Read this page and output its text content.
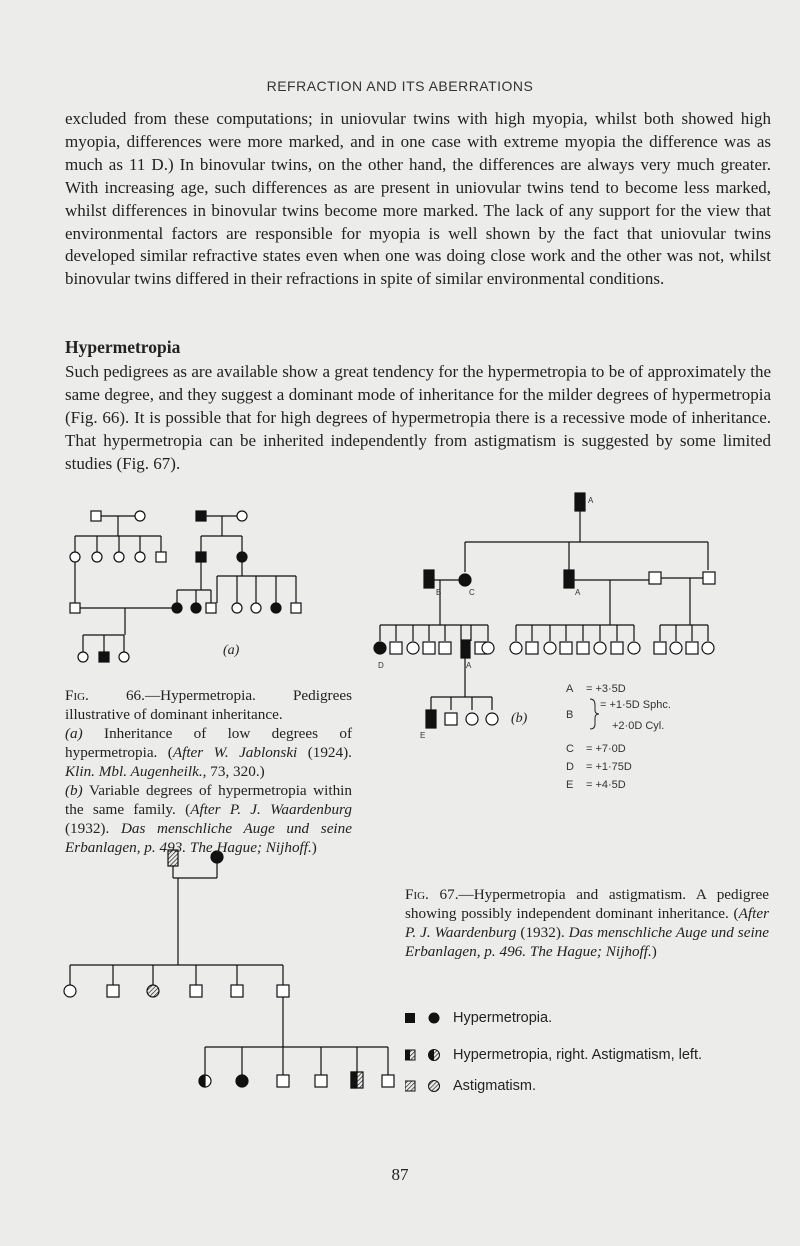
REFRACTION AND ITS ABERRATIONS
excluded from these computations; in uniovular twins with high myopia, whilst both showed high myopia, differences were more marked, and in one case with extreme myopia the difference was as much as 11 D.) In binovular twins, on the other hand, the differences are always very much greater. With increasing age, such differences as are present in uniovular twins tend to become less marked, whilst differences in binovular twins become more marked. The lack of any support for the view that environmental factors are responsible for myopia is well shown by the fact that uniovular twins developed similar refractive states even when one was doing close work and the other was not, whilst binovular twins differed in their refractions in spite of similar environmental conditions.
Hypermetropia
Such pedigrees as are available show a great tendency for the hypermetropia to be of approximately the same degree, and they suggest a dominant mode of inheritance for the milder degrees of hypermetropia (Fig. 66). It is possible that for high degrees of hypermetropia there is a recessive mode of inheritance. That hypermetropia can be inherited independently from astigmatism is suggested by some limited studies (Fig. 67).
A
B	C	A
D	A
E
(a)
(b)
A = +3·5D
B
= +1·5D Sphc.
+2·0D Cyl.
C = +7·0D
D = +1·75D
E = +4·5D
Fig. 66.—Hypermetropia. Pedigrees illustrative of dominant inheritance.
(a) Inheritance of low degrees of hypermetropia. (After W. Jablonski (1924). Klin. Mbl. Augenheilk., 73, 320.)
(b) Variable degrees of hypermetropia within the same family. (After P. J. Waardenburg (1932). Das menschliche Auge und seine Erbanlagen, p. 493. The Hague; Nijhoff.)
Fig. 67.—Hypermetropia and astigmatism. A pedigree showing possibly independent dominant inheritance. (After P. J. Waardenburg (1932). Das menschliche Auge und seine Erbanlagen, p. 496. The Hague; Nijhoff.)
Hypermetropia.
Hypermetropia, right. Astigmatism, left.
Astigmatism.
87
